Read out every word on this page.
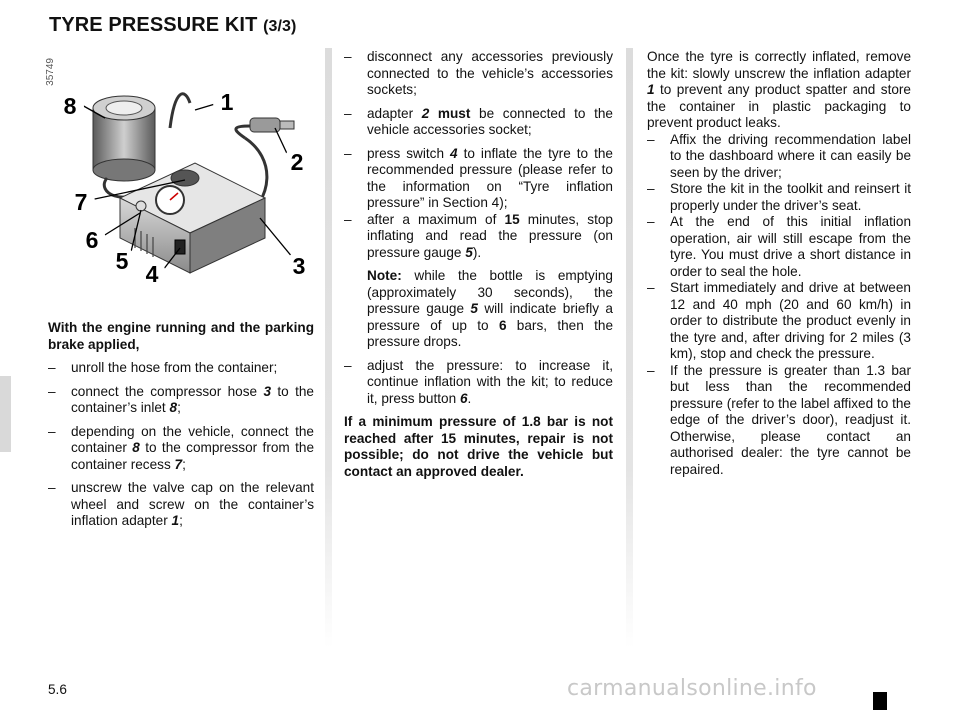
TYRE PRESSURE KIT (3/3)
35749
8	1
2
7
6
5 4	3

With the engine running and the parking brake applied,

– unroll the hose from the container;
– connect the compressor hose 3 to the container’s inlet 8;
– depending on the vehicle, connect the container 8 to the compressor from the container recess 7;
– unscrew the valve cap on the relevant wheel and screw on the container’s inflation adapter 1;
– disconnect any accessories previously connected to the vehicle’s accessories sockets;
– adapter 2 must be connected to the vehicle accessories socket;
– press switch 4 to inflate the tyre to the recommended pressure (please refer to the information on “Tyre inflation pressure” in Section 4);
– after a maximum of 15 minutes, stop inflating and read the pressure (on pressure gauge 5).

Note: while the bottle is emptying (approximately 30 seconds), the pressure gauge 5 will indicate briefly a pressure of up to 6 bars, then the pressure drops.

– adjust the pressure: to increase it, continue inflation with the kit; to reduce it, press button 6.

If a minimum pressure of 1.8 bar is not reached after 15 minutes, repair is not possible; do not drive the vehicle but contact an approved dealer.

Once the tyre is correctly inflated, remove the kit: slowly unscrew the inflation adapter 1 to prevent any product spatter and store the container in plastic packaging to prevent product leaks.

– Affix the driving recommendation label to the dashboard where it can easily be seen by the driver;
– Store the kit in the toolkit and reinsert it properly under the driver’s seat.
– At the end of this initial inflation operation, air will still escape from the tyre. You must drive a short distance in order to seal the hole.
– Start immediately and drive at between 12 and 40 mph (20 and 60 km/h) in order to distribute the product evenly in the tyre and, after driving for 2 miles (3 km), stop and check the pressure.
– If the pressure is greater than 1.3 bar but less than the recommended pressure (refer to the label affixed to the edge of the driver’s door), readjust it. Otherwise, please contact an authorised dealer: the tyre cannot be repaired.
5.6	carmanualsonline.info
